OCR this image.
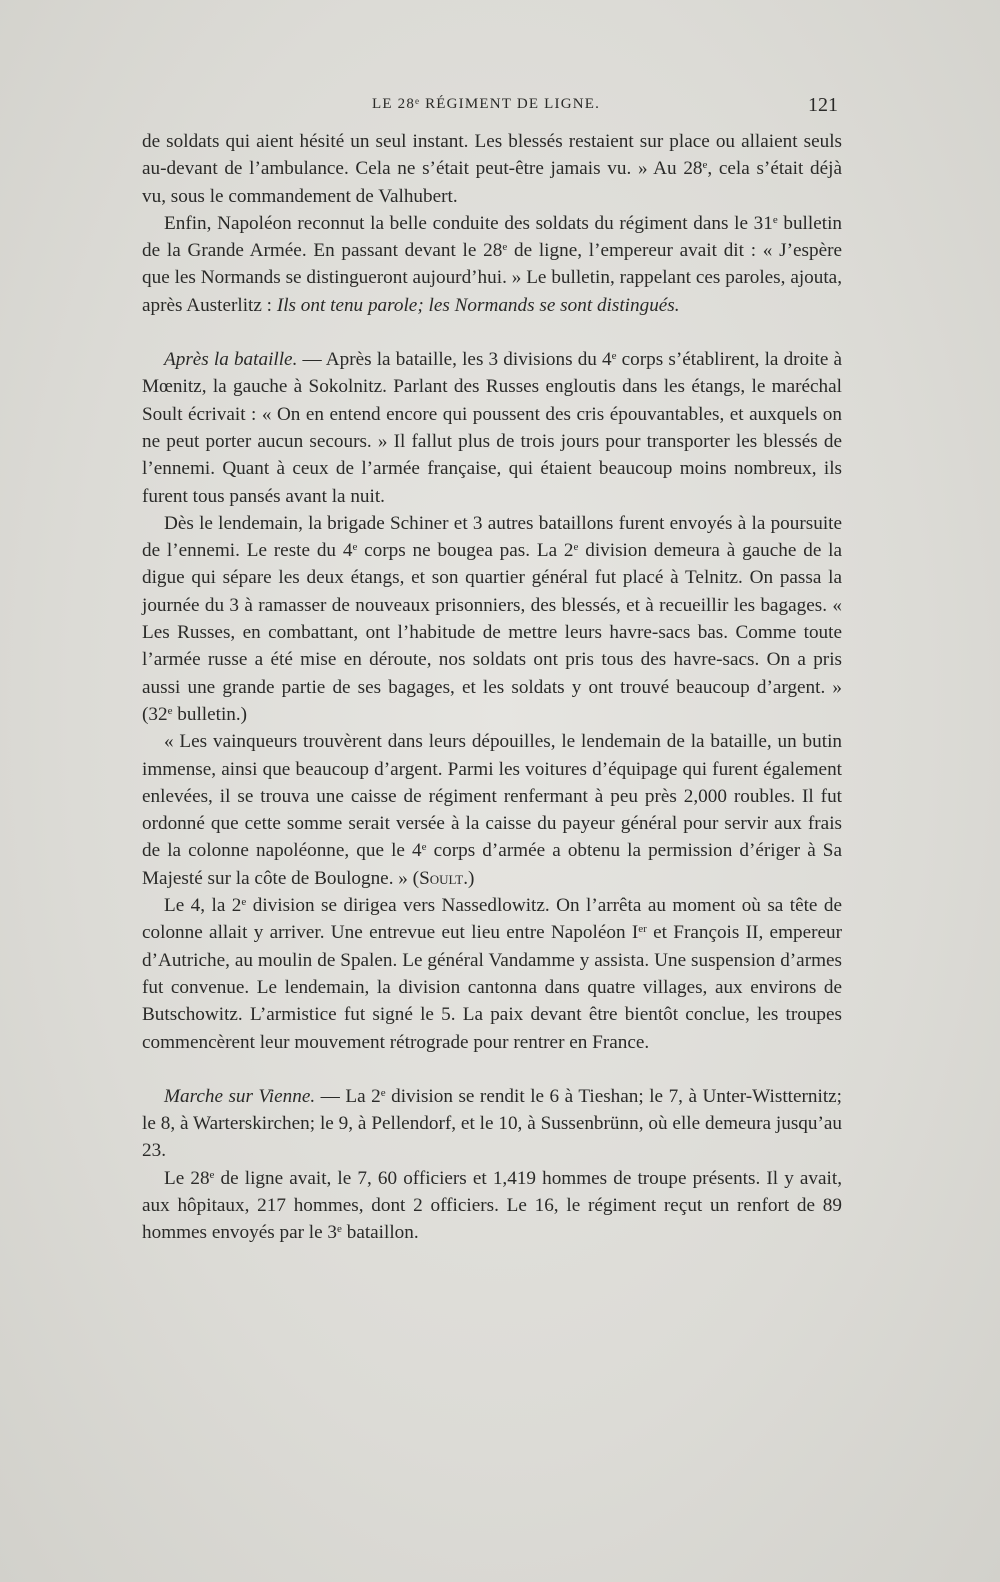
LE 28ᵉ RÉGIMENT DE LIGNE.	121

de soldats qui aient hésité un seul instant. Les blessés restaient sur place ou allaient seuls au-devant de l’ambulance. Cela ne s’était peut-être jamais vu. » Au 28e, cela s’était déjà vu, sous le commandement de Valhubert.

Enfin, Napoléon reconnut la belle conduite des soldats du régiment dans le 31e bulletin de la Grande Armée. En passant devant le 28e de ligne, l’empereur avait dit : « J’espère que les Normands se distingueront aujourd’hui. » Le bulletin, rappelant ces paroles, ajouta, après Austerlitz : Ils ont tenu parole; les Normands se sont distingués.

Après la bataille. — Après la bataille, les 3 divisions du 4e corps s’établirent, la droite à Mœnitz, la gauche à Sokolnitz. Parlant des Russes engloutis dans les étangs, le maréchal Soult écrivait : « On en entend encore qui poussent des cris épouvantables, et auxquels on ne peut porter aucun secours. » Il fallut plus de trois jours pour transporter les blessés de l’ennemi. Quant à ceux de l’armée française, qui étaient beaucoup moins nombreux, ils furent tous pansés avant la nuit.

Dès le lendemain, la brigade Schiner et 3 autres bataillons furent envoyés à la poursuite de l’ennemi. Le reste du 4e corps ne bougea pas. La 2e division demeura à gauche de la digue qui sépare les deux étangs, et son quartier général fut placé à Telnitz. On passa la journée du 3 à ramasser de nouveaux prisonniers, des blessés, et à recueillir les bagages. « Les Russes, en combattant, ont l’habitude de mettre leurs havre-sacs bas. Comme toute l’armée russe a été mise en déroute, nos soldats ont pris tous des havre-sacs. On a pris aussi une grande partie de ses bagages, et les soldats y ont trouvé beaucoup d’argent. » (32e bulletin.)

« Les vainqueurs trouvèrent dans leurs dépouilles, le lendemain de la bataille, un butin immense, ainsi que beaucoup d’argent. Parmi les voitures d’équipage qui furent également enlevées, il se trouva une caisse de régiment renfermant à peu près 2,000 roubles. Il fut ordonné que cette somme serait versée à la caisse du payeur général pour servir aux frais de la colonne napoléonne, que le 4e corps d’armée a obtenu la permission d’ériger à Sa Majesté sur la côte de Boulogne. » (Soult.)

Le 4, la 2e division se dirigea vers Nassedlowitz. On l’arrêta au moment où sa tête de colonne allait y arriver. Une entrevue eut lieu entre Napoléon Ier et François II, empereur d’Autriche, au moulin de Spalen. Le général Vandamme y assista. Une suspension d’armes fut convenue. Le lendemain, la division cantonna dans quatre villages, aux environs de Butschowitz. L’armistice fut signé le 5. La paix devant être bientôt conclue, les troupes commencèrent leur mouvement rétrograde pour rentrer en France.

Marche sur Vienne. — La 2e division se rendit le 6 à Tieshan; le 7, à Unter-Wistternitz; le 8, à Warterskirchen; le 9, à Pellendorf, et le 10, à Sussenbrünn, où elle demeura jusqu’au 23.

Le 28e de ligne avait, le 7, 60 officiers et 1,419 hommes de troupe présents. Il y avait, aux hôpitaux, 217 hommes, dont 2 officiers. Le 16, le régiment reçut un renfort de 89 hommes envoyés par le 3e bataillon.
